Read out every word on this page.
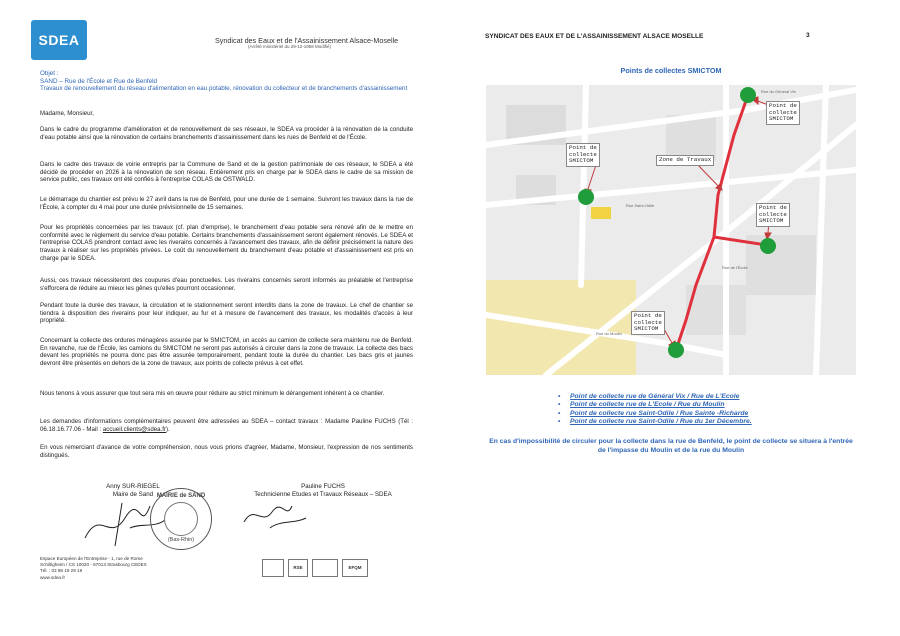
SDEA	Syndicat des Eaux et de l'Assainissement Alsace-Moselle
(Arrêté ministériel du 29-12-1958 Modifié)
Objet :
SAND – Rue de l'École et Rue de Benfeld
Travaux de renouvellement du réseau d'alimentation en eau potable, rénovation du collecteur et de branchements d'assainissement
Madame, Monsieur,
Dans le cadre du programme d'amélioration et de renouvellement de ses réseaux, le SDEA va procéder à la rénovation de la conduite d'eau potable ainsi que la rénovation de certains branchements d'assainissement dans les rues de Benfeld et de l'École.
Dans le cadre des travaux de voirie entrepris par la Commune de Sand et de la gestion patrimoniale de ces réseaux, le SDEA a été décidé de procéder en 2026 à la rénovation de son réseau. Entièrement pris en charge par le SDEA dans le cadre de sa mission de service public, ces travaux ont été confiés à l'entreprise COLAS de OSTWALD.
Le démarrage du chantier est prévu le 27 avril dans la rue de Benfeld, pour une durée de 1 semaine. Suivront les travaux dans la rue de l'École, à compter du 4 mai pour une durée prévisionnelle de 15 semaines.
Pour les propriétés concernées par les travaux (cf. plan d'emprise), le branchement d'eau potable sera rénové afin de le mettre en conformité avec le règlement du service d'eau potable. Certains branchements d'assainissement seront également rénovés. Le SDEA et l'entreprise COLAS prendront contact avec les riverains concernés à l'avancement des travaux, afin de définir précisément la nature des travaux à réaliser sur les propriétés privées. Le coût du renouvellement du branchement d'eau potable et d'assainissement est pris en charge par le SDEA.
Aussi, ces travaux nécessiteront des coupures d'eau ponctuelles. Les riverains concernés seront informés au préalable et l'entreprise s'efforcera de réduire au mieux les gênes qu'elles pourront occasionner.
Pendant toute la durée des travaux, la circulation et le stationnement seront interdits dans la zone de travaux. Le chef de chantier se tiendra à disposition des riverains pour leur indiquer, au fur et à mesure de l'avancement des travaux, les modalités d'accès à leur propriété.
Concernant la collecte des ordures ménagères assurée par le SMICTOM, un accès au camion de collecte sera maintenu rue de Benfeld. En revanche, rue de l'École, les camions du SMICTOM ne seront pas autorisés à circuler dans la zone de travaux. La collecte des bacs devant les propriétés ne pourra donc pas être assurée temporairement, pendant toute la durée du chantier. Les bacs gris et jaunes devront être présentés en dehors de la zone de travaux, aux points de collecte prévus à cet effet.
Nous tenons à vous assurer que tout sera mis en œuvre pour réduire au strict minimum le dérangement inhérent à ce chantier.
Les demandes d'informations complémentaires peuvent être adressées au SDEA – contact travaux : Madame Pauline FUCHS (Tél : 06.18.16.77.06 - Mail : accueil.clients@sdea.fr).
En vous remerciant d'avance de votre compréhension, nous vous prions d'agréer, Madame, Monsieur, l'expression de nos sentiments distingués.
Anny SUR-RIEGEL
Maire de Sand
Pauline FUCHS
Technicienne Etudes et Travaux Réseaux – SDEA
MAIRIE de SAND
(Bas-Rhin)
Espace Européen de l'Entreprise - 1, rue de Rome
Schiltigheim / CS 10020 - 67013 Strasbourg CEDEX
Tél. : 03 88 19 29 19
www.sdea.fr
RSE	EFQM
SYNDICAT DES EAUX ET DE L'ASSAINISSEMENT ALSACE MOSELLE	3
Points de collectes SMICTOM
Point de
collecte
SMICTOM
Point de
collecte
SMICTOM
Point de
collecte
SMICTOM
Point de
collecte
SMICTOM
Zone de Travaux
Rue du Général Vix
Rue Saint-Odile
Rue du Moulin
Rue de l'École
• Point de collecte rue de Général Vix / Rue de L'Ecole
• Point de collecte rue de L'Ecole / Rue du Moulin
• Point de collecte rue Saint-Odile / Rue Sainte -Richarde
• Point de collecte rue Saint-Odile / Rue du 1er Décembre.
En cas d'impossibilité de circuler pour la collecte dans la rue de Benfeld, le point de collecte se situera à l'entrée de l'impasse du Moulin et de la rue du Moulin
